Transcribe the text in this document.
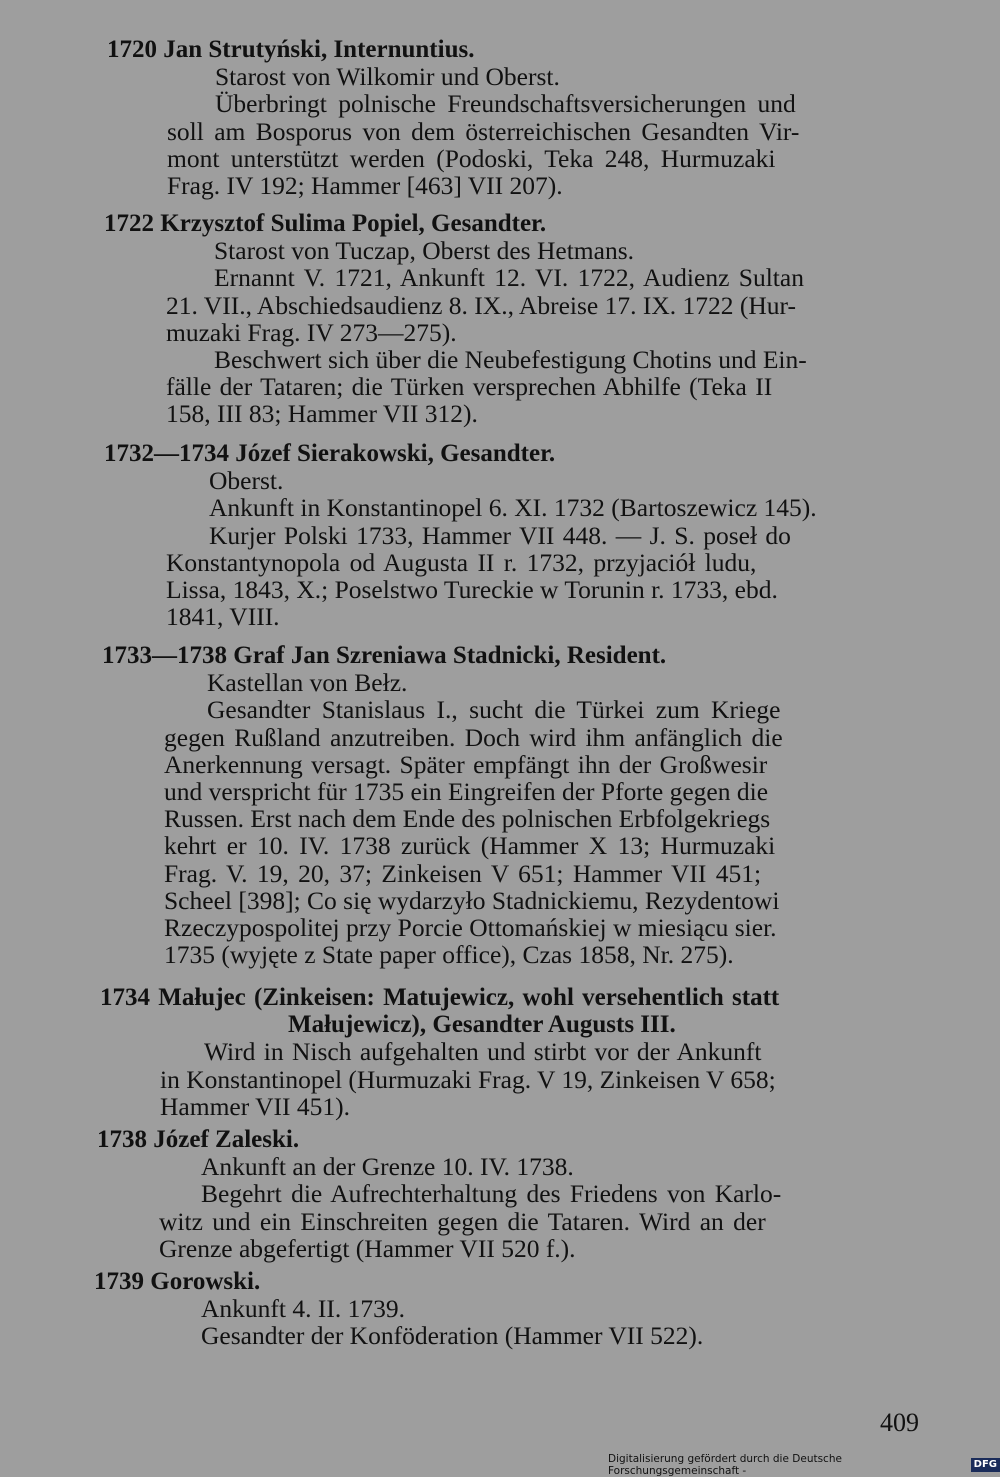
1720 Jan Strutyński, Internuntius.
Starost von Wilkomir und Oberst.
Überbringt polnische Freundschaftsversicherungen und
soll am Bosporus von dem österreichischen Gesandten Vir-
mont unterstützt werden (Podoski, Teka 248, Hurmuzaki
Frag. IV 192; Hammer [463] VII 207).
1722 Krzysztof Sulima Popiel, Gesandter.
Starost von Tuczap, Oberst des Hetmans.
Ernannt V. 1721, Ankunft 12. VI. 1722, Audienz Sultan
21. VII., Abschiedsaudienz 8. IX., Abreise 17. IX. 1722 (Hur-
muzaki Frag. IV 273—275).
Beschwert sich über die Neubefestigung Chotins und Ein-
fälle der Tataren; die Türken versprechen Abhilfe (Teka II
158, III 83; Hammer VII 312).
1732—1734 Józef Sierakowski, Gesandter.
Oberst.
Ankunft in Konstantinopel 6. XI. 1732 (Bartoszewicz 145).
Kurjer Polski 1733, Hammer VII 448. — J. S. poseł do
Konstantynopola od Augusta II r. 1732, przyjaciół ludu,
Lissa, 1843, X.; Poselstwo Tureckie w Torunin r. 1733, ebd.
1841, VIII.
1733—1738 Graf Jan Szreniawa Stadnicki, Resident.
Kastellan von Bełz.
Gesandter Stanislaus I., sucht die Türkei zum Kriege
gegen Rußland anzutreiben. Doch wird ihm anfänglich die
Anerkennung versagt. Später empfängt ihn der Großwesir
und verspricht für 1735 ein Eingreifen der Pforte gegen die
Russen. Erst nach dem Ende des polnischen Erbfolgekriegs
kehrt er 10. IV. 1738 zurück (Hammer X 13; Hurmuzaki
Frag. V. 19, 20, 37; Zinkeisen V 651; Hammer VII 451;
Scheel [398]; Co się wydarzyło Stadnickiemu, Rezydentowi
Rzeczypospolitej przy Porcie Ottomańskiej w miesiącu sier.
1735 (wyjęte z State paper office), Czas 1858, Nr. 275).
1734 Małujec (Zinkeisen: Matujewicz, wohl versehentlich statt
Małujewicz), Gesandter Augusts III.
Wird in Nisch aufgehalten und stirbt vor der Ankunft
in Konstantinopel (Hurmuzaki Frag. V 19, Zinkeisen V 658;
Hammer VII 451).
1738 Józef Zaleski.
Ankunft an der Grenze 10. IV. 1738.
Begehrt die Aufrechterhaltung des Friedens von Karlo-
witz und ein Einschreiten gegen die Tataren. Wird an der
Grenze abgefertigt (Hammer VII 520 f.).
1739 Gorowski.
Ankunft 4. II. 1739.
Gesandter der Konföderation (Hammer VII 522).
409
Digitalisierung gefördert durch die Deutsche Forschungsgemeinschaft -
DFG
